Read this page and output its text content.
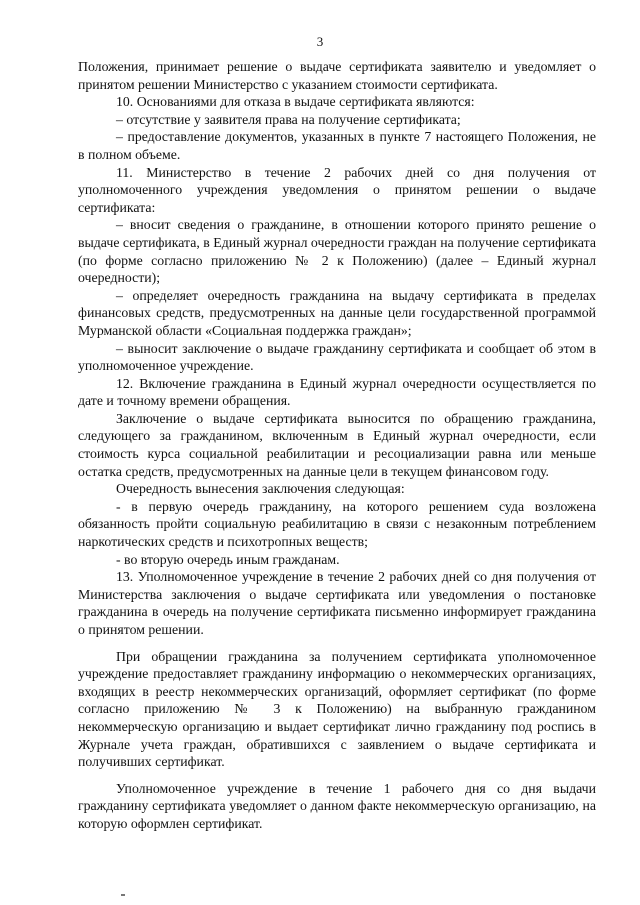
3

Положения, принимает решение о выдаче сертификата заявителю и уведомляет о принятом решении Министерство с указанием стоимости сертификата.

10. Основаниями для отказа в выдаче сертификата являются:

– отсутствие у заявителя права на получение сертификата;

– предоставление документов, указанных в пункте 7 настоящего Положения, не в полном объеме.

11. Министерство в течение 2 рабочих дней со дня получения от уполномоченного учреждения уведомления о принятом решении о выдаче сертификата:

– вносит сведения о гражданине, в отношении которого принято решение о выдаче сертификата, в Единый журнал очередности граждан на получение сертификата (по форме согласно приложению № 2 к Положению) (далее – Единый журнал очередности);

– определяет очередность гражданина на выдачу сертификата в пределах финансовых средств, предусмотренных на данные цели государственной программой Мурманской области «Социальная поддержка граждан»;

– выносит заключение о выдаче гражданину сертификата и сообщает об этом в уполномоченное учреждение.

12. Включение гражданина в Единый журнал очередности осуществляется по дате и точному времени обращения.

Заключение о выдаче сертификата выносится по обращению гражданина, следующего за гражданином, включенным в Единый журнал очередности, если стоимость курса социальной реабилитации и ресоциализации равна или меньше остатка средств, предусмотренных на данные цели в текущем финансовом году.

Очередность вынесения заключения следующая:

- в первую очередь гражданину, на которого решением суда возложена обязанность пройти социальную реабилитацию в связи с незаконным потреблением наркотических средств и психотропных веществ;

- во вторую очередь иным гражданам.

13. Уполномоченное учреждение в течение 2 рабочих дней со дня получения от Министерства заключения о выдаче сертификата или уведомления о постановке гражданина в очередь на получение сертификата письменно информирует гражданина о принятом решении.

При обращении гражданина за получением сертификата уполномоченное учреждение предоставляет гражданину информацию о некоммерческих организациях, входящих в реестр некоммерческих организаций, оформляет сертификат (по форме согласно приложению № 3 к Положению) на выбранную гражданином некоммерческую организацию и выдает сертификат лично гражданину под роспись в Журнале учета граждан, обратившихся с заявлением о выдаче сертификата и получивших сертификат.

Уполномоченное учреждение в течение 1 рабочего дня со дня выдачи гражданину сертификата уведомляет о данном факте некоммерческую организацию, на которую оформлен сертификат.
